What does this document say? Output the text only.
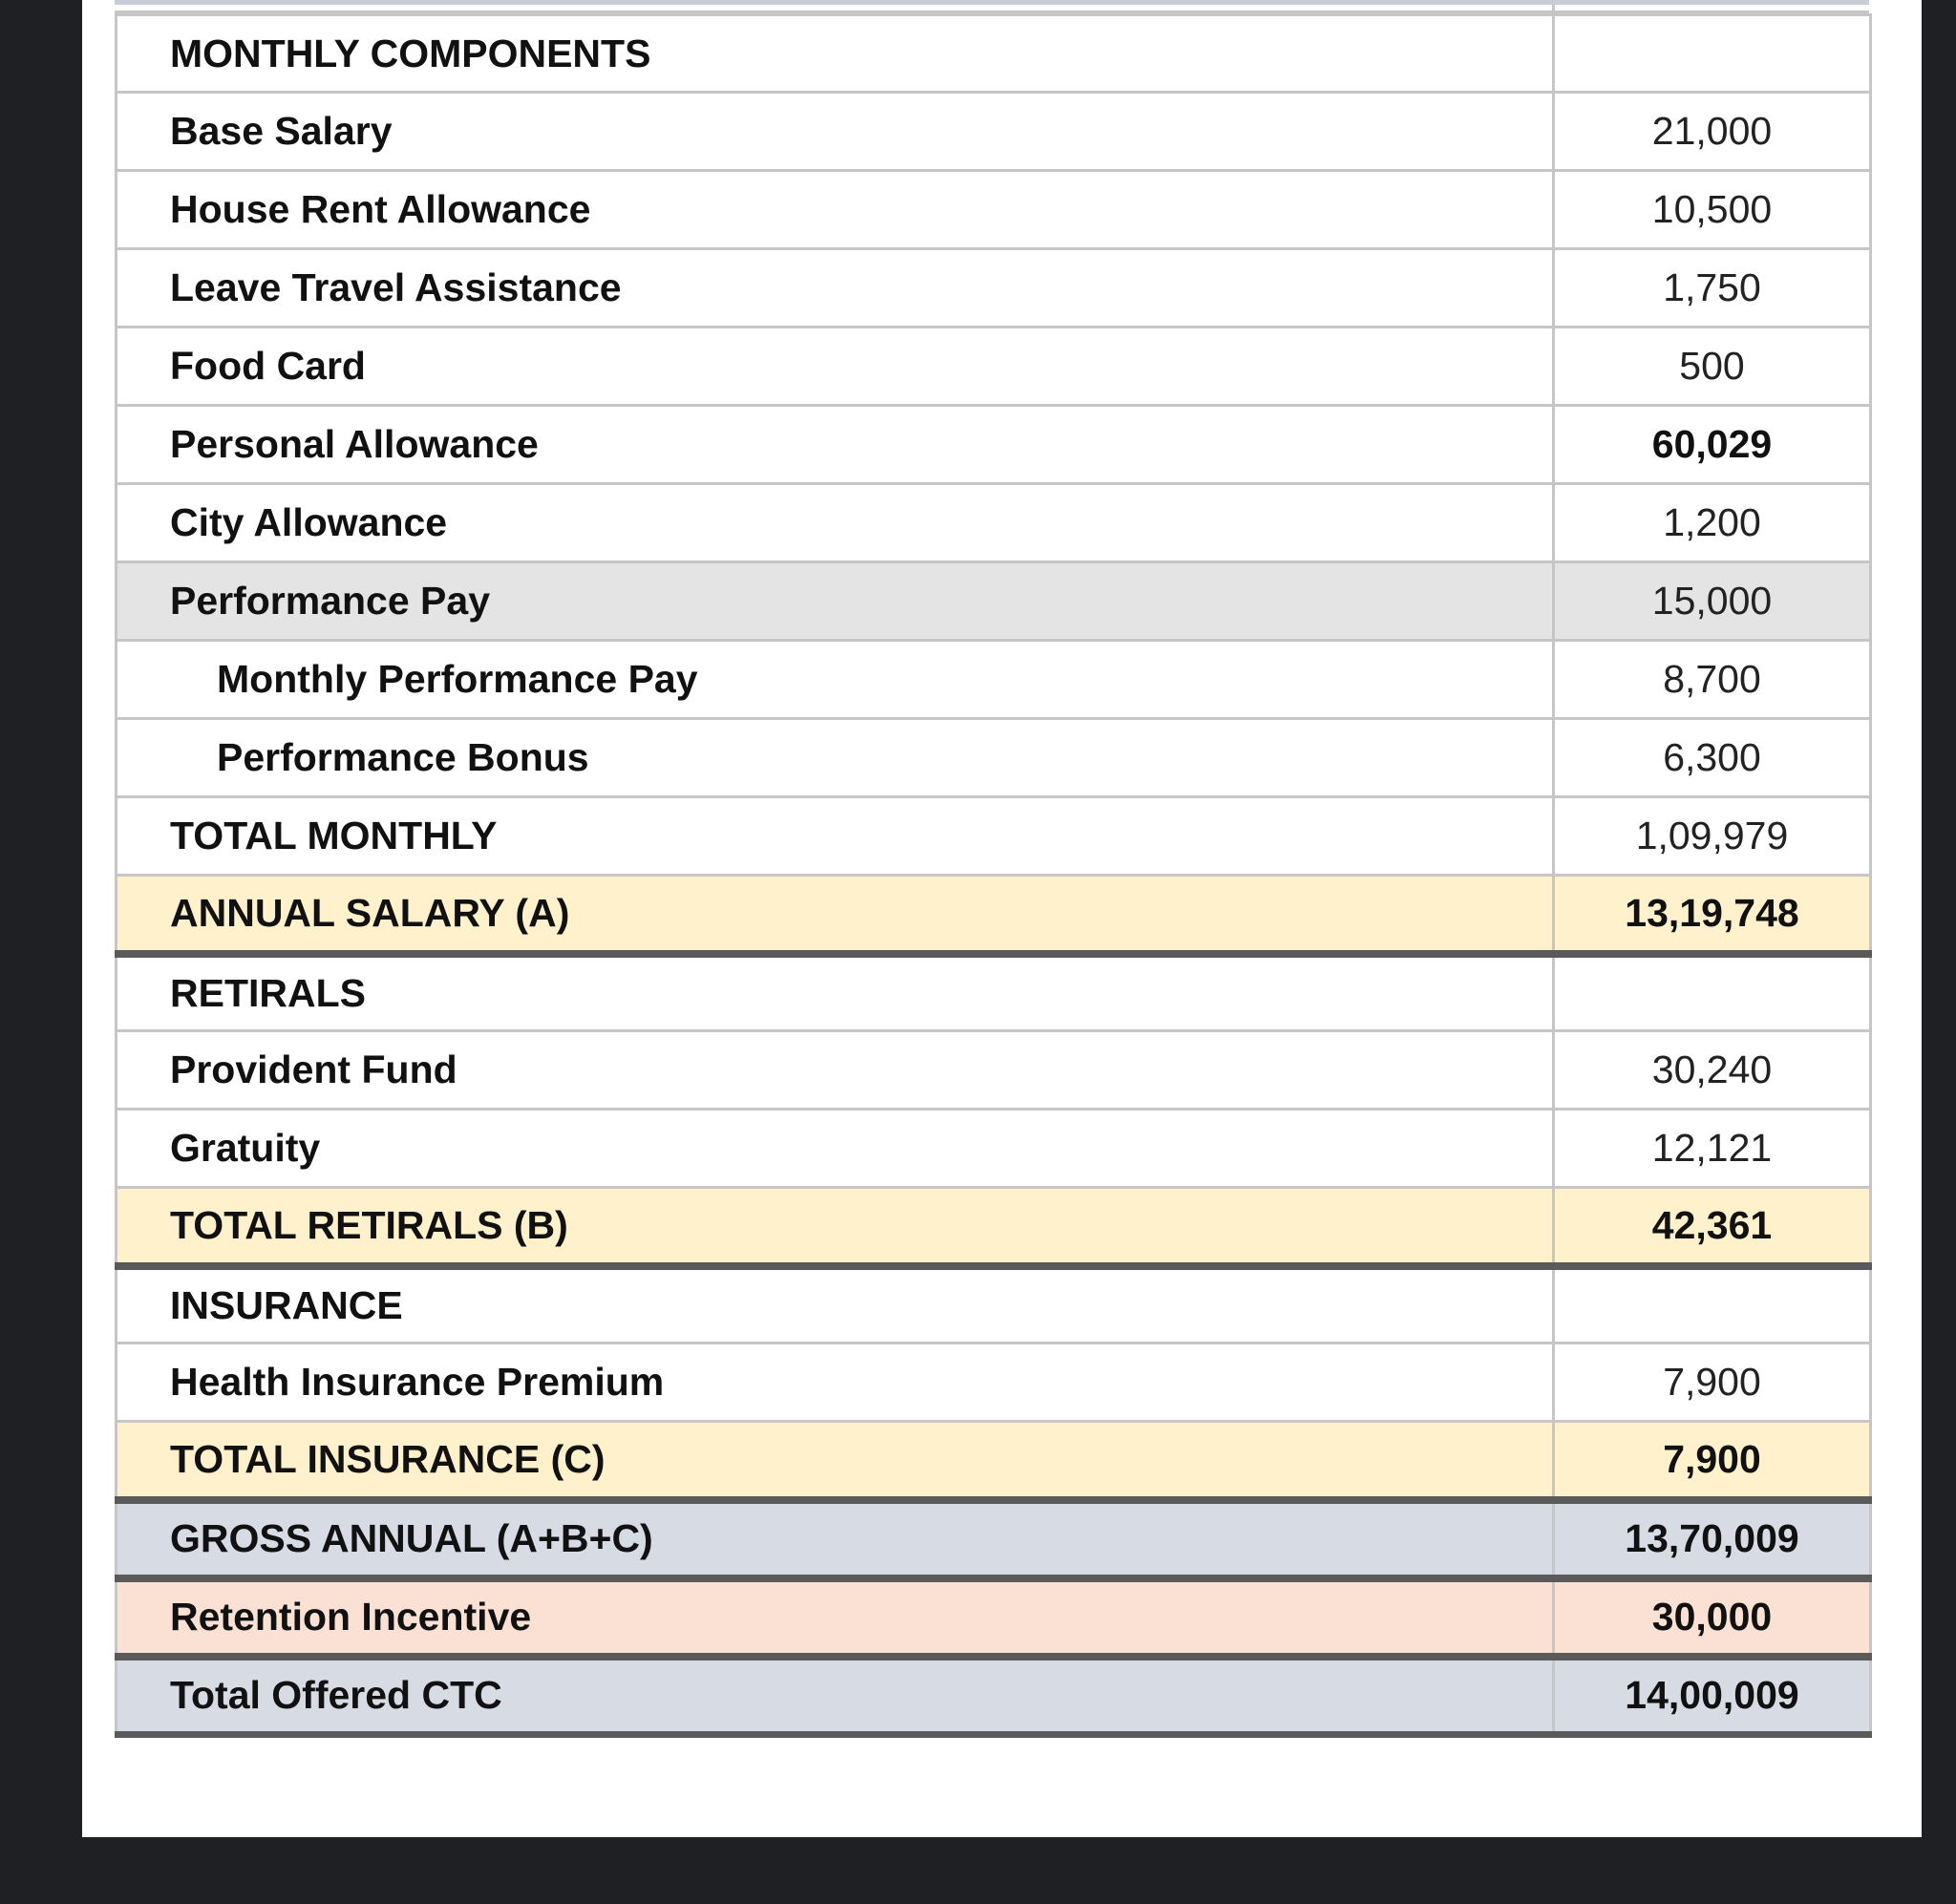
MONTHLY COMPONENTS	
Base Salary	21,000
House Rent Allowance	10,500
Leave Travel Assistance	1,750
Food Card	500
Personal Allowance	60,029
City Allowance	1,200
Performance Pay	15,000
Monthly Performance Pay	8,700
Performance Bonus	6,300
TOTAL MONTHLY	1,09,979
ANNUAL SALARY (A)	13,19,748
RETIRALS	
Provident Fund	30,240
Gratuity	12,121
TOTAL RETIRALS (B)	42,361
INSURANCE	
Health Insurance Premium	7,900
TOTAL INSURANCE (C)	7,900
GROSS ANNUAL (A+B+C)	13,70,009
Retention Incentive	30,000
Total Offered CTC	14,00,009
